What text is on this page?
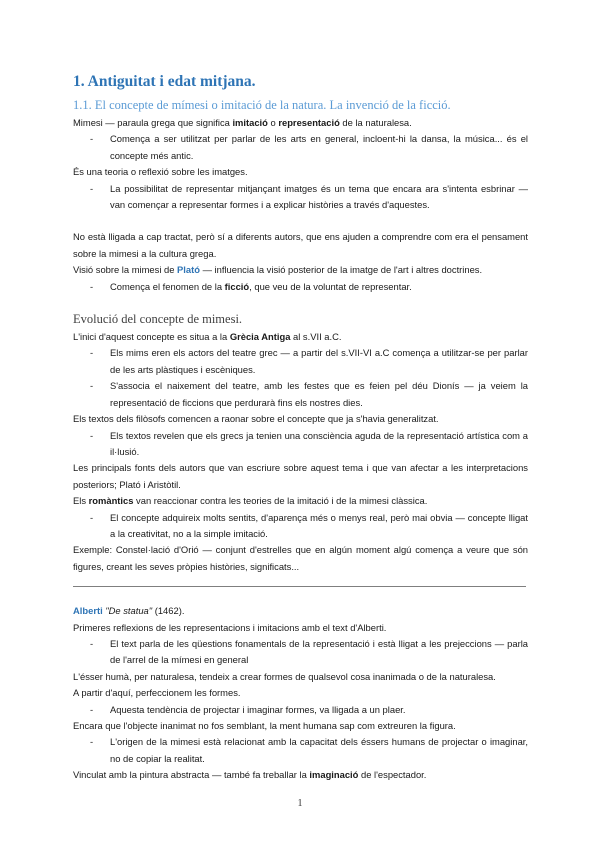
1. Antiguitat i edat mitjana.
1.1. El concepte de mímesi o imitació de la natura. La invenció de la ficció.

Mimesi — paraula grega que significa imitació o representació de la naturalesa.

- Comença a ser utilitzat per parlar de les arts en general, incloent-hi la dansa, la música... és el concepte més antic.

És una teoria o reflexió sobre les imatges.

- La possibilitat de representar mitjançant imatges és un tema que encara ara s'intenta esbrinar — van començar a representar formes i a explicar històries a través d'aquestes.

No està lligada a cap tractat, però sí a diferents autors, que ens ajuden a comprendre com era el pensament sobre la mimesi a la cultura grega.

Visió sobre la mimesi de Plató — influencia la visió posterior de la imatge de l'art i altres doctrines.

- Comença el fenomen de la ficció, que veu de la voluntat de representar.
Evolució del concepte de mimesi.

L'inici d'aquest concepte es situa a la Grècia Antiga al s.VII a.C.

- Els mims eren els actors del teatre grec — a partir del s.VII-VI a.C comença a utilitzar-se per parlar de les arts plàstiques i escèniques.
- S'associa el naixement del teatre, amb les festes que es feien pel déu Dionís — ja veiem la representació de ficcions que perdurarà fins els nostres dies.

Els textos dels filòsofs comencen a raonar sobre el concepte que ja s'havia generalitzat.

- Els textos revelen que els grecs ja tenien una consciència aguda de la representació artística com a il·lusió.

Les principals fonts dels autors que van escriure sobre aquest tema i que van afectar a les interpretacions posteriors; Plató i Aristòtil.

Els romàntics van reaccionar contra les teories de la imitació i de la mimesi clàssica.

- El concepte adquireix molts sentits, d'aparença més o menys real, però mai obvia — concepte lligat a la creativitat, no a la simple imitació.

Exemple: Constel·lació d'Orió — conjunt d'estrelles que en algún moment algú comença a veure que són figures, creant les seves pròpies històries, significats...

Alberti "De statua" (1462).

Primeres reflexions de les representacions i imitacions amb el text d'Alberti.

- El text parla de les qüestions fonamentals de la representació i està lligat a les prejeccions — parla de l'arrel de la mímesi en general

L'ésser humà, per naturalesa, tendeix a crear formes de qualsevol cosa inanimada o de la naturalesa.

A partir d'aquí, perfeccionem les formes.

- Aquesta tendència de projectar i imaginar formes, va lligada a un plaer.

Encara que l'objecte inanimat no fos semblant, la ment humana sap com extreuren la figura.

- L'origen de la mimesi està relacionat amb la capacitat dels éssers humans de projectar o imaginar, no de copiar la realitat.

Vinculat amb la pintura abstracta — també fa treballar la imaginació de l'espectador.

1
